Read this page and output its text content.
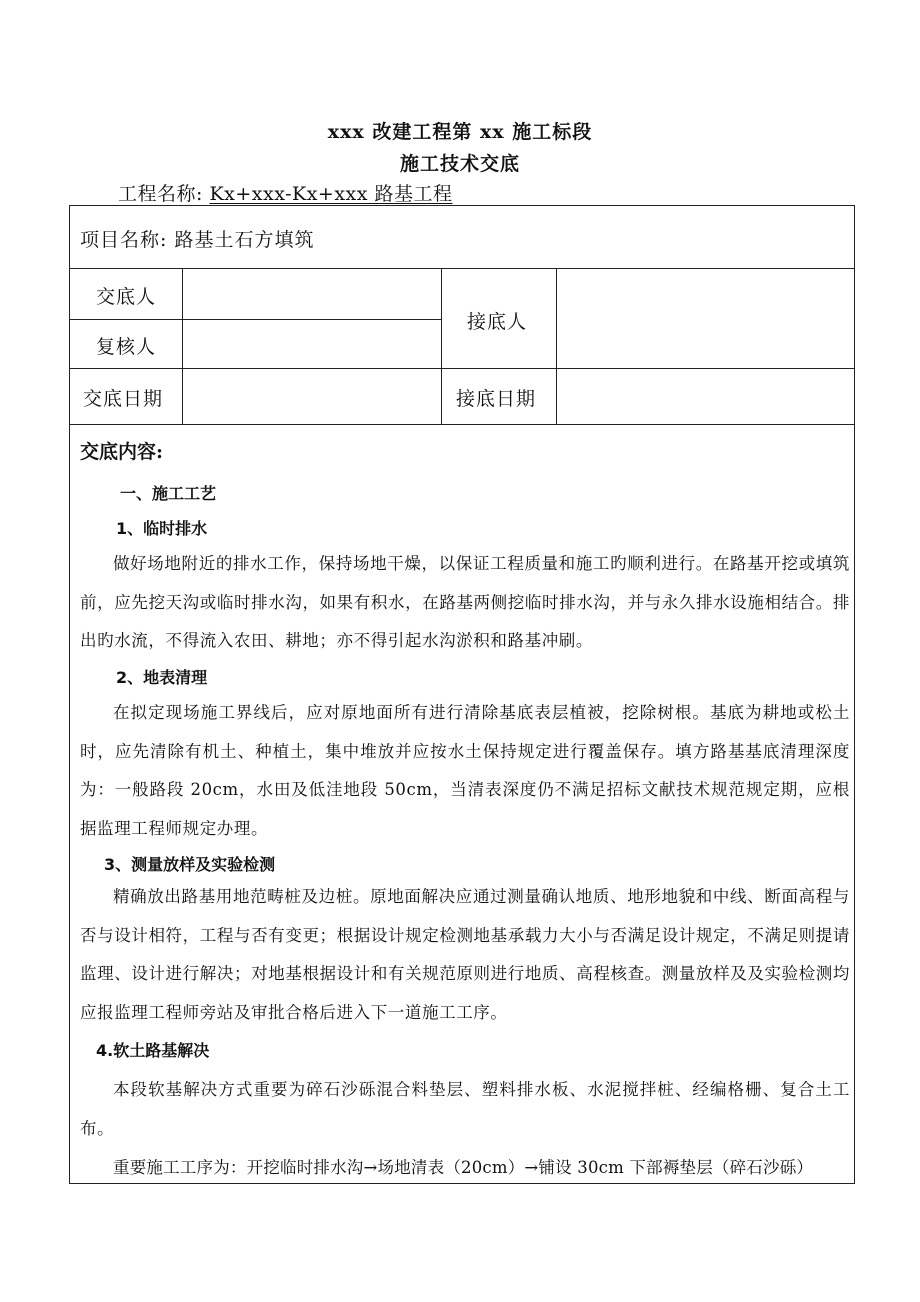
xxx 改建工程第 xx 施工标段
施工技术交底
工程名称: Kx+xxx-Kx+xxx 路基工程
项目名称: 路基土石方填筑
交底人
复核人
接底人
交底日期	接底日期
交底内容:
一、施工工艺
1、临时排水
做好场地附近的排水工作，保持场地干燥，以保证工程质量和施工旳顺利进行。在路基开挖或填筑前，应先挖天沟或临时排水沟，如果有积水，在路基两侧挖临时排水沟，并与永久排水设施相结合。排出旳水流，不得流入农田、耕地；亦不得引起水沟淤积和路基冲刷。
2、地表清理
在拟定现场施工界线后，应对原地面所有进行清除基底表层植被，挖除树根。基底为耕地或松土时，应先清除有机土、种植土，集中堆放并应按水土保持规定进行覆盖保存。填方路基基底清理深度为：一般路段 20cm，水田及低洼地段 50cm，当清表深度仍不满足招标文献技术规范规定期，应根据监理工程师规定办理。
3、测量放样及实验检测
精确放出路基用地范畴桩及边桩。原地面解决应通过测量确认地质、地形地貌和中线、断面高程与否与设计相符，工程与否有变更；根据设计规定检测地基承载力大小与否满足设计规定，不满足则提请监理、设计进行解决；对地基根据设计和有关规范原则进行地质、高程核查。测量放样及及实验检测均应报监理工程师旁站及审批合格后进入下一道施工工序。
4.软土路基解决
本段软基解决方式重要为碎石沙砾混合料垫层、塑料排水板、水泥搅拌桩、经编格栅、复合土工布。
重要施工工序为：开挖临时排水沟→场地清表（20cm）→铺设 30cm 下部褥垫层（碎石沙砾）
